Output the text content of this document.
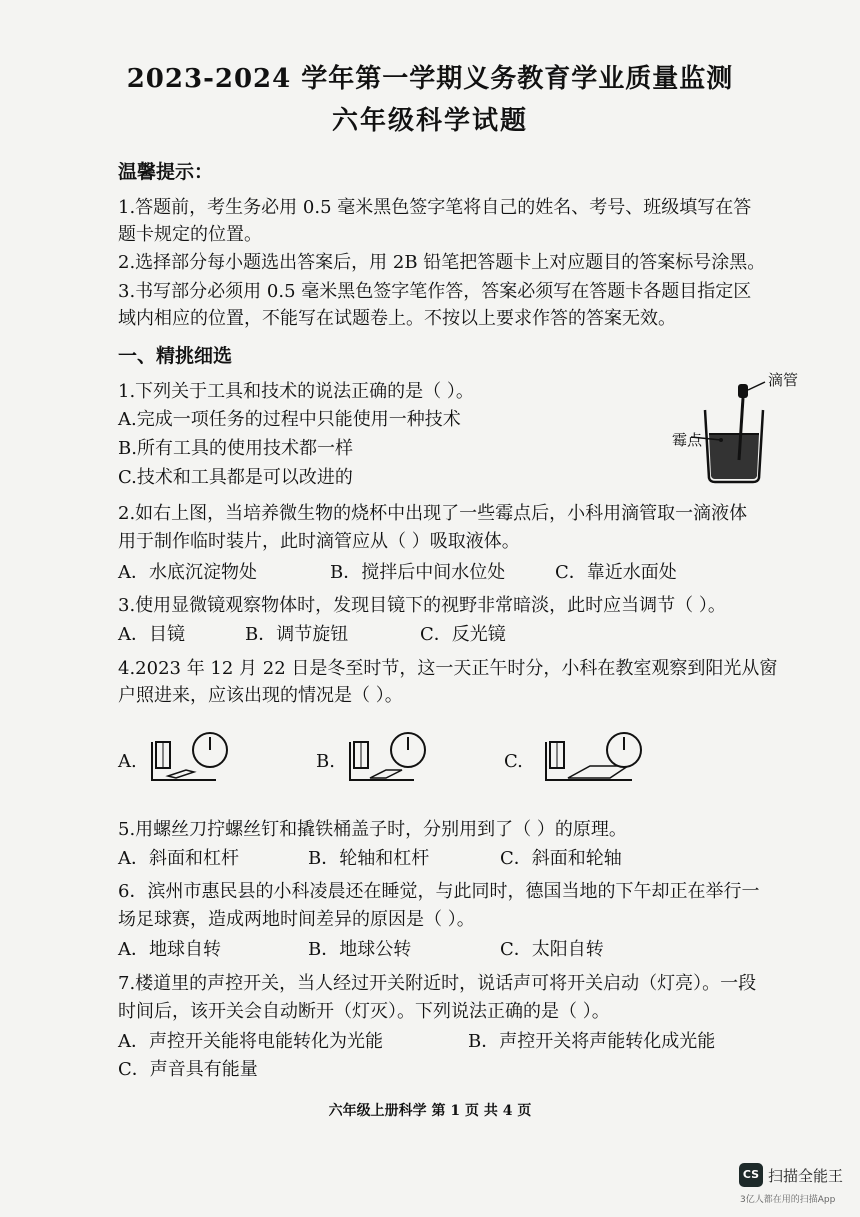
2023-2024 学年第一学期义务教育学业质量监测
六年级科学试题
温馨提示：
1.答题前，考生务必用 0.5 毫米黑色签字笔将自己的姓名、考号、班级填写在答
题卡规定的位置。
2.选择部分每小题选出答案后，用 2B 铅笔把答题卡上对应题目的答案标号涂黑。
3.书写部分必须用 0.5 毫米黑色签字笔作答，答案必须写在答题卡各题目指定区
域内相应的位置，不能写在试题卷上。不按以上要求作答的答案无效。
一、精挑细选
1.下列关于工具和技术的说法正确的是（ ）。
A.完成一项任务的过程中只能使用一种技术
B.所有工具的使用技术都一样
C.技术和工具都是可以改进的
滴管
霉点
2.如右上图，当培养微生物的烧杯中出现了一些霉点后，小科用滴管取一滴液体
用于制作临时装片，此时滴管应从（ ）吸取液体。
A．水底沉淀物处	B．搅拌后中间水位处	C．靠近水面处
3.使用显微镜观察物体时，发现目镜下的视野非常暗淡，此时应当调节（ ）。
A．目镜	B．调节旋钮	C．反光镜
4.2023 年 12 月 22 日是冬至时节，这一天正午时分，小科在教室观察到阳光从窗
户照进来，应该出现的情况是（ ）。
A.	B.	C.
5.用螺丝刀拧螺丝钉和撬铁桶盖子时，分别用到了（ ）的原理。
A．斜面和杠杆	B．轮轴和杠杆	C．斜面和轮轴
6．滨州市惠民县的小科凌晨还在睡觉，与此同时，德国当地的下午却正在举行一
场足球赛，造成两地时间差异的原因是（ ）。
A．地球自转	B．地球公转	C．太阳自转
7.楼道里的声控开关，当人经过开关附近时，说话声可将开关启动（灯亮）。一段
时间后，该开关会自动断开（灯灭）。下列说法正确的是（ ）。
A．声控开关能将电能转化为光能	B．声控开关将声能转化成光能
C．声音具有能量
六年级上册科学 第 1 页 共 4 页
CS 扫描全能王
3亿人都在用的扫描App
